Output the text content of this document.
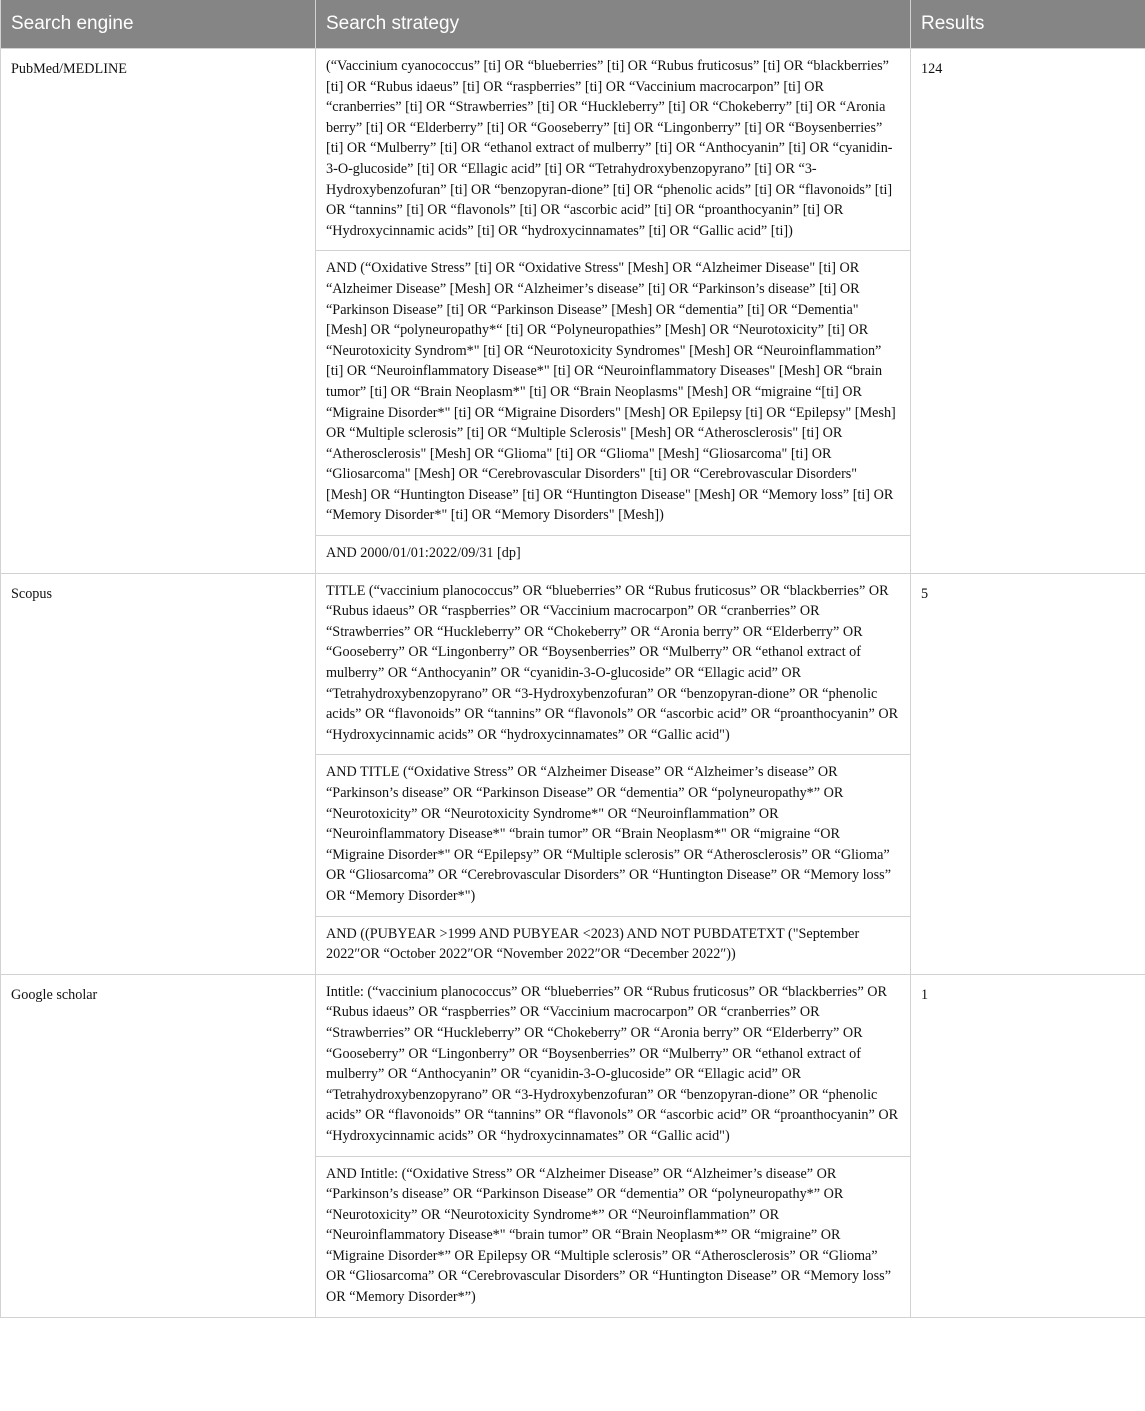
Search engine	Search strategy	Results
PubMed/MEDLINE	(“Vaccinium cyanococcus” [ti] OR “blueberries” [ti] OR “Rubus fruticosus” [ti] OR “blackberries” [ti] OR “Rubus idaeus” [ti] OR “raspberries” [ti] OR “Vaccinium macrocarpon” [ti] OR “cranberries” [ti] OR “Strawberries” [ti] OR “Huckleberry” [ti] OR “Chokeberry” [ti] OR “Aronia berry” [ti] OR “Elderberry” [ti] OR “Gooseberry” [ti] OR “Lingonberry” [ti] OR “Boysenberries” [ti] OR “Mulberry” [ti] OR “ethanol extract of mulberry” [ti] OR “Anthocyanin” [ti] OR “cyanidin-3-O-glucoside” [ti] OR “Ellagic acid” [ti] OR “Tetrahydroxybenzopyrano” [ti] OR “3-Hydroxybenzofuran” [ti] OR “benzopyran-dione” [ti] OR “phenolic acids” [ti] OR “flavonoids” [ti] OR “tannins” [ti] OR “flavonols” [ti] OR “ascorbic acid” [ti] OR “proanthocyanin” [ti] OR “Hydroxycinnamic acids” [ti] OR “hydroxycinnamates” [ti] OR “Gallic acid” [ti])	124
	AND (“Oxidative Stress” [ti] OR “Oxidative Stress" [Mesh] OR “Alzheimer Disease" [ti] OR “Alzheimer Disease” [Mesh] OR “Alzheimer’s disease” [ti] OR “Parkinson’s disease” [ti] OR “Parkinson Disease” [ti] OR “Parkinson Disease” [Mesh] OR “dementia” [ti] OR “Dementia" [Mesh] OR “polyneuropathy*“ [ti] OR “Polyneuropathies” [Mesh] OR “Neurotoxicity” [ti] OR “Neurotoxicity Syndrom*" [ti] OR “Neurotoxicity Syndromes" [Mesh] OR “Neuroinflammation” [ti] OR “Neuroinflammatory Disease*" [ti] OR “Neuroinflammatory Diseases" [Mesh] OR “brain tumor” [ti] OR “Brain Neoplasm*" [ti] OR “Brain Neoplasms" [Mesh] OR “migraine “[ti] OR “Migraine Disorder*" [ti] OR “Migraine Disorders" [Mesh] OR Epilepsy [ti] OR “Epilepsy" [Mesh] OR “Multiple sclerosis” [ti] OR “Multiple Sclerosis" [Mesh] OR “Atherosclerosis" [ti] OR “Atherosclerosis" [Mesh] OR “Glioma" [ti] OR “Glioma" [Mesh] “Gliosarcoma" [ti] OR “Gliosarcoma" [Mesh] OR “Cerebrovascular Disorders" [ti] OR “Cerebrovascular Disorders" [Mesh] OR “Huntington Disease” [ti] OR “Huntington Disease" [Mesh] OR “Memory loss” [ti] OR “Memory Disorder*" [ti] OR “Memory Disorders" [Mesh])	
	AND 2000/01/01:2022/09/31 [dp]	
Scopus	TITLE (“vaccinium planococcus” OR “blueberries” OR “Rubus fruticosus” OR “blackberries” OR “Rubus idaeus” OR “raspberries” OR “Vaccinium macrocarpon” OR “cranberries” OR “Strawberries” OR “Huckleberry” OR “Chokeberry” OR “Aronia berry” OR “Elderberry” OR “Gooseberry” OR “Lingonberry” OR “Boysenberries” OR “Mulberry” OR “ethanol extract of mulberry” OR “Anthocyanin” OR “cyanidin-3-O-glucoside” OR “Ellagic acid” OR “Tetrahydroxybenzopyrano” OR “3-Hydroxybenzofuran” OR “benzopyran-dione” OR “phenolic acids” OR “flavonoids” OR “tannins” OR “flavonols” OR “ascorbic acid” OR “proanthocyanin” OR “Hydroxycinnamic acids” OR “hydroxycinnamates” OR “Gallic acid")	5
	AND TITLE (“Oxidative Stress” OR “Alzheimer Disease” OR “Alzheimer’s disease” OR “Parkinson’s disease” OR “Parkinson Disease” OR “dementia” OR “polyneuropathy*” OR “Neurotoxicity” OR “Neurotoxicity Syndrome*" OR “Neuroinflammation” OR “Neuroinflammatory Disease*" “brain tumor” OR “Brain Neoplasm*" OR “migraine “OR “Migraine Disorder*" OR “Epilepsy” OR “Multiple sclerosis” OR “Atherosclerosis” OR “Glioma” OR “Gliosarcoma” OR “Cerebrovascular Disorders” OR “Huntington Disease” OR “Memory loss” OR “Memory Disorder*")	
	AND ((PUBYEAR >1999 AND PUBYEAR <2023) AND NOT PUBDATETXT ("September 2022″OR “October 2022″OR “November 2022″OR “December 2022″))	
Google scholar	Intitle: (“vaccinium planococcus” OR “blueberries” OR “Rubus fruticosus” OR “blackberries” OR “Rubus idaeus” OR “raspberries” OR “Vaccinium macrocarpon” OR “cranberries” OR “Strawberries” OR “Huckleberry” OR “Chokeberry” OR “Aronia berry” OR “Elderberry” OR “Gooseberry” OR “Lingonberry” OR “Boysenberries” OR “Mulberry” OR “ethanol extract of mulberry” OR “Anthocyanin” OR “cyanidin-3-O-glucoside” OR “Ellagic acid” OR “Tetrahydroxybenzopyrano” OR “3-Hydroxybenzofuran” OR “benzopyran-dione” OR “phenolic acids” OR “flavonoids” OR “tannins” OR “flavonols” OR “ascorbic acid” OR “proanthocyanin” OR “Hydroxycinnamic acids” OR “hydroxycinnamates” OR “Gallic acid")	1
	AND Intitle: (“Oxidative Stress” OR “Alzheimer Disease” OR “Alzheimer’s disease” OR “Parkinson’s disease” OR “Parkinson Disease” OR “dementia” OR “polyneuropathy*” OR “Neurotoxicity” OR “Neurotoxicity Syndrome*” OR “Neuroinflammation” OR “Neuroinflammatory Disease*" “brain tumor” OR “Brain Neoplasm*” OR “migraine” OR “Migraine Disorder*” OR Epilepsy OR “Multiple sclerosis” OR “Atherosclerosis” OR “Glioma” OR “Gliosarcoma” OR “Cerebrovascular Disorders” OR “Huntington Disease” OR “Memory loss” OR “Memory Disorder*”)	
